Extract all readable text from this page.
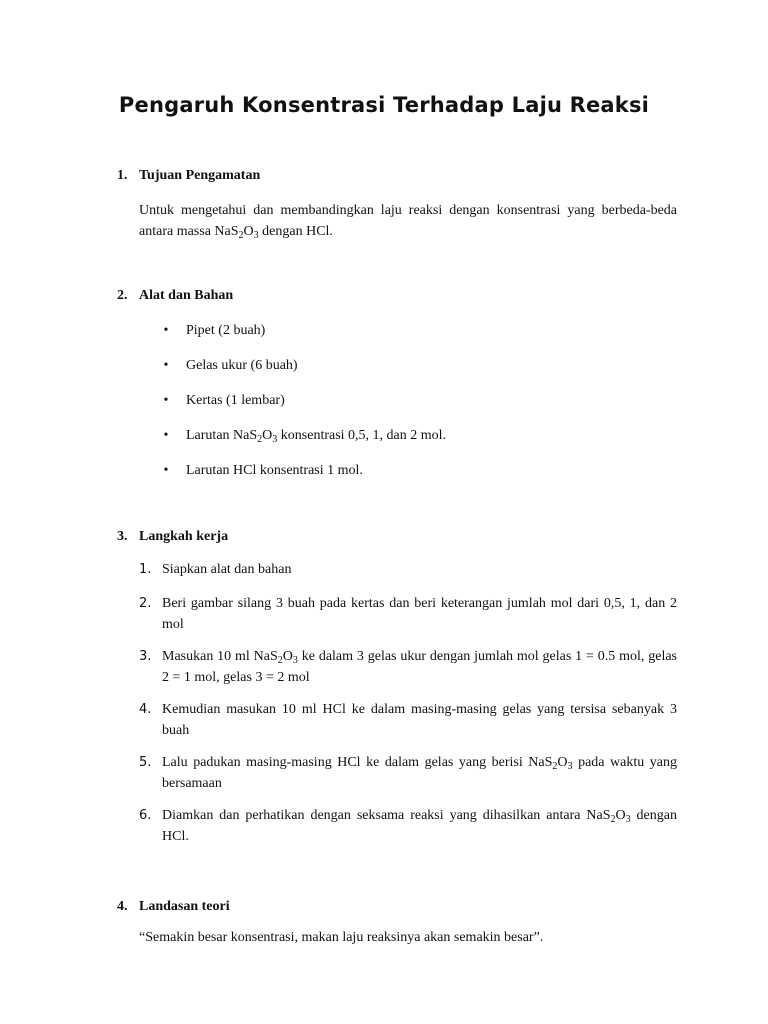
Pengaruh Konsentrasi Terhadap Laju Reaksi
1. Tujuan Pengamatan
Untuk mengetahui dan membandingkan laju reaksi dengan konsentrasi yang berbeda-beda antara massa $NaS_2O_3$ dengan HCl.
2. Alat dan Bahan
• Pipet (2 buah)
• Gelas ukur (6 buah)
• Kertas (1 lembar)
• Larutan $NaS_2O_3$ konsentrasi 0,5, 1, dan 2 mol.
• Larutan HCl konsentrasi 1 mol.
3. Langkah kerja
1. Siapkan alat dan bahan
2. Beri gambar silang 3 buah pada kertas dan beri keterangan jumlah mol dari 0,5, 1, dan 2 mol
3. Masukan 10 ml $NaS_2O_3$ ke dalam 3 gelas ukur dengan jumlah mol gelas 1 = 0.5 mol, gelas 2 = 1 mol, gelas 3 = 2 mol
4. Kemudian masukan 10 ml HCl ke dalam masing-masing gelas yang tersisa sebanyak 3 buah
5. Lalu padukan masing-masing HCl ke dalam gelas yang berisi $NaS_2O_3$ pada waktu yang bersamaan
6. Diamkan dan perhatikan dengan seksama reaksi yang dihasilkan antara $NaS_2O_3$ dengan HCl.
4. Landasan teori
“Semakin besar konsentrasi, makan laju reaksinya akan semakin besar”.
